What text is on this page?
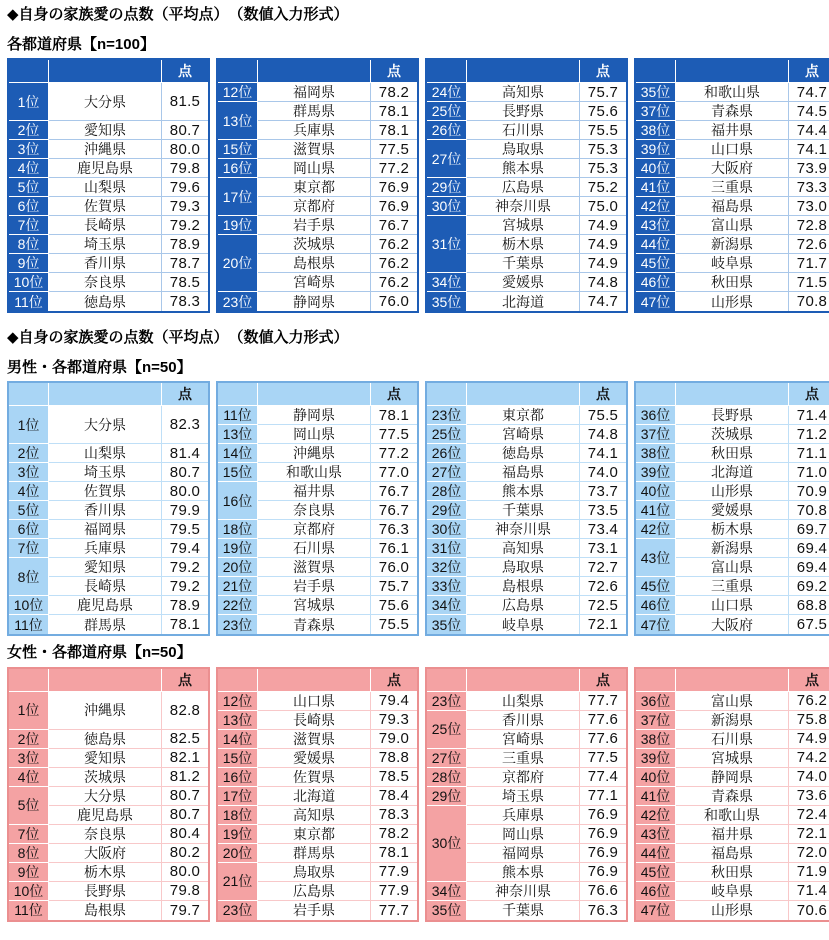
◆自身の家族愛の点数（平均点）　（数値入力形式）
各都道府県【n=100】
		点
1位	大分県	81.5
2位	愛知県	80.7
3位	沖縄県	80.0
4位	鹿児島県	79.8
5位	山梨県	79.6
6位	佐賀県	79.3
7位	長崎県	79.2
8位	埼玉県	78.9
9位	香川県	78.7
10位	奈良県	78.5
11位	徳島県	78.3
		点
12位	福岡県	78.2
13位	群馬県	78.1
	兵庫県	78.1
15位	滋賀県	77.5
16位	岡山県	77.2
17位	東京都	76.9
	京都府	76.9
19位	岩手県	76.7
20位	茨城県	76.2
	島根県	76.2
	宮崎県	76.2
23位	静岡県	76.0
		点
24位	高知県	75.7
25位	長野県	75.6
26位	石川県	75.5
27位	鳥取県	75.3
	熊本県	75.3
29位	広島県	75.2
30位	神奈川県	75.0
31位	宮城県	74.9
	栃木県	74.9
	千葉県	74.9
34位	愛媛県	74.8
35位	北海道	74.7
		点
35位	和歌山県	74.7
37位	青森県	74.5
38位	福井県	74.4
39位	山口県	74.1
40位	大阪府	73.9
41位	三重県	73.3
42位	福島県	73.0
43位	富山県	72.8
44位	新潟県	72.6
45位	岐阜県	71.7
46位	秋田県	71.5
47位	山形県	70.8
◆自身の家族愛の点数（平均点）　（数値入力形式）
男性・各都道府県【n=50】
		点
1位	大分県	82.3
2位	山梨県	81.4
3位	埼玉県	80.7
4位	佐賀県	80.0
5位	香川県	79.9
6位	福岡県	79.5
7位	兵庫県	79.4
8位	愛知県	79.2
	長崎県	79.2
10位	鹿児島県	78.9
11位	群馬県	78.1
		点
11位	静岡県	78.1
13位	岡山県	77.5
14位	沖縄県	77.2
15位	和歌山県	77.0
16位	福井県	76.7
	奈良県	76.7
18位	京都府	76.3
19位	石川県	76.1
20位	滋賀県	76.0
21位	岩手県	75.7
22位	宮城県	75.6
23位	青森県	75.5
		点
23位	東京都	75.5
25位	宮崎県	74.8
26位	徳島県	74.1
27位	福島県	74.0
28位	熊本県	73.7
29位	千葉県	73.5
30位	神奈川県	73.4
31位	高知県	73.1
32位	鳥取県	72.7
33位	島根県	72.6
34位	広島県	72.5
35位	岐阜県	72.1
		点
36位	長野県	71.4
37位	茨城県	71.2
38位	秋田県	71.1
39位	北海道	71.0
40位	山形県	70.9
41位	愛媛県	70.8
42位	栃木県	69.7
43位	新潟県	69.4
	富山県	69.4
45位	三重県	69.2
46位	山口県	68.8
47位	大阪府	67.5
女性・各都道府県【n=50】
		点
1位	沖縄県	82.8
2位	徳島県	82.5
3位	愛知県	82.1
4位	茨城県	81.2
5位	大分県	80.7
	鹿児島県	80.7
7位	奈良県	80.4
8位	大阪府	80.2
9位	栃木県	80.0
10位	長野県	79.8
11位	島根県	79.7
		点
12位	山口県	79.4
13位	長崎県	79.3
14位	滋賀県	79.0
15位	愛媛県	78.8
16位	佐賀県	78.5
17位	北海道	78.4
18位	高知県	78.3
19位	東京都	78.2
20位	群馬県	78.1
21位	鳥取県	77.9
	広島県	77.9
23位	岩手県	77.7
		点
23位	山梨県	77.7
25位	香川県	77.6
	宮崎県	77.6
27位	三重県	77.5
28位	京都府	77.4
29位	埼玉県	77.1
30位	兵庫県	76.9
	岡山県	76.9
	福岡県	76.9
	熊本県	76.9
34位	神奈川県	76.6
35位	千葉県	76.3
		点
36位	富山県	76.2
37位	新潟県	75.8
38位	石川県	74.9
39位	宮城県	74.2
40位	静岡県	74.0
41位	青森県	73.6
42位	和歌山県	72.4
43位	福井県	72.1
44位	福島県	72.0
45位	秋田県	71.9
46位	岐阜県	71.4
47位	山形県	70.6
